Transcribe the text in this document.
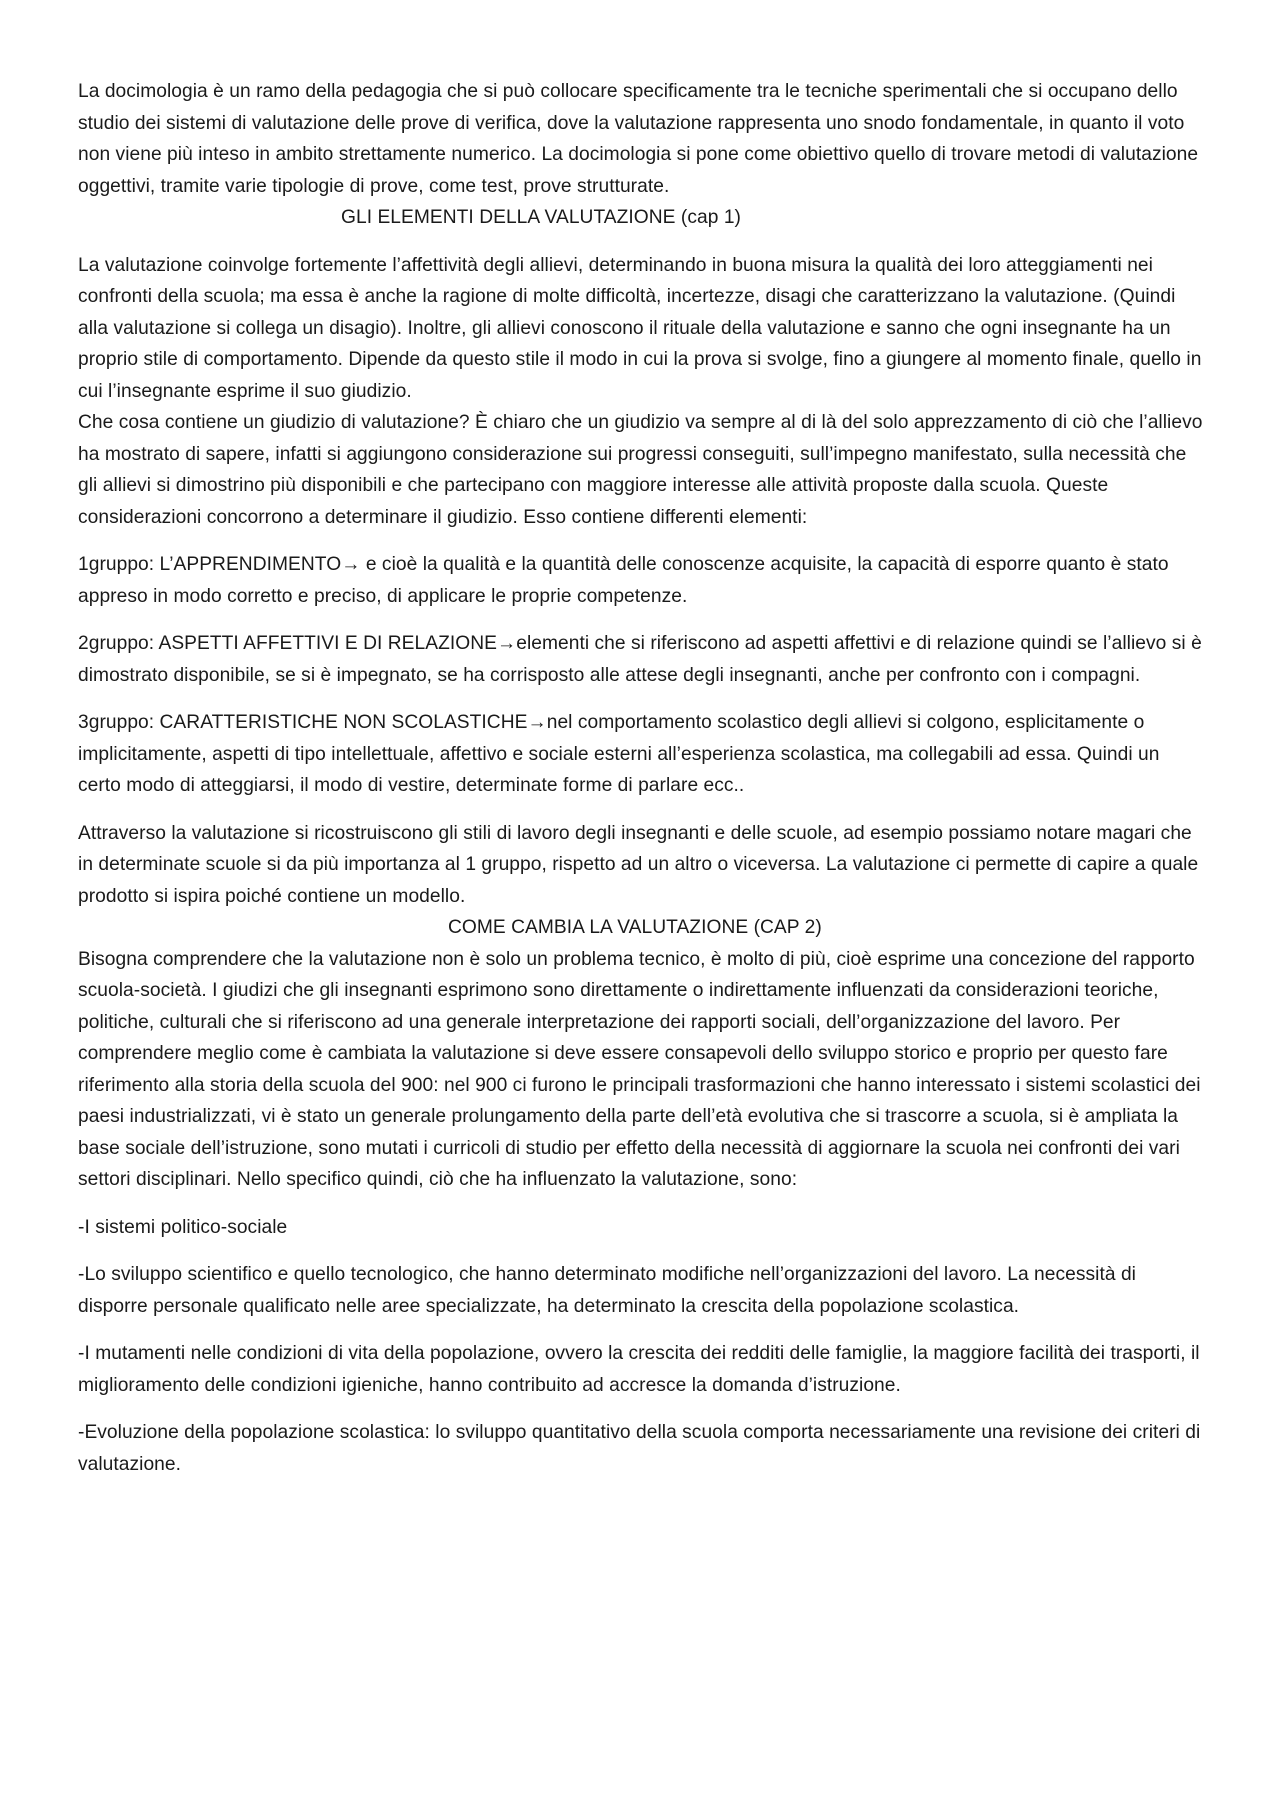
La docimologia è un ramo della pedagogia che si può collocare specificamente tra le tecniche sperimentali che si occupano dello studio dei sistemi di valutazione delle prove di verifica, dove la valutazione rappresenta uno snodo fondamentale, in quanto il voto non viene più inteso in ambito strettamente numerico. La docimologia si pone come obiettivo quello di trovare metodi di valutazione oggettivi, tramite varie tipologie di prove, come test, prove strutturate.

GLI ELEMENTI DELLA VALUTAZIONE (cap 1)

La valutazione coinvolge fortemente l’affettività degli allievi, determinando in buona misura la qualità dei loro atteggiamenti nei confronti della scuola; ma essa è anche la ragione di molte difficoltà, incertezze, disagi che caratterizzano la valutazione. (Quindi alla valutazione si collega un disagio). Inoltre, gli allievi conoscono il rituale della valutazione e sanno che ogni insegnante ha un proprio stile di comportamento. Dipende da questo stile il modo in cui la prova si svolge, fino a giungere al momento finale, quello in cui l’insegnante esprime il suo giudizio.

Che cosa contiene un giudizio di valutazione? È chiaro che un giudizio va sempre al di là del solo apprezzamento di ciò che l’allievo ha mostrato di sapere, infatti si aggiungono considerazione sui progressi conseguiti, sull’impegno manifestato, sulla necessità che gli allievi si dimostrino più disponibili e che partecipano con maggiore interesse alle attività proposte dalla scuola. Queste considerazioni concorrono a determinare il giudizio. Esso contiene differenti elementi:

1gruppo: L’APPRENDIMENTO→ e cioè la qualità e la quantità delle conoscenze acquisite, la capacità di esporre quanto è stato appreso in modo corretto e preciso, di applicare le proprie competenze.

2gruppo: ASPETTI AFFETTIVI E DI RELAZIONE→elementi che si riferiscono ad aspetti affettivi e di relazione quindi se l’allievo si è dimostrato disponibile, se si è impegnato, se ha corrisposto alle attese degli insegnanti, anche per confronto con i compagni.

3gruppo: CARATTERISTICHE NON SCOLASTICHE→nel comportamento scolastico degli allievi si colgono, esplicitamente o implicitamente, aspetti di tipo intellettuale, affettivo e sociale esterni all’esperienza scolastica, ma collegabili ad essa. Quindi un certo modo di atteggiarsi, il modo di vestire, determinate forme di parlare ecc..

Attraverso la valutazione si ricostruiscono gli stili di lavoro degli insegnanti e delle scuole, ad esempio possiamo notare magari che in determinate scuole si da più importanza al 1 gruppo, rispetto ad un altro o viceversa. La valutazione ci permette di capire a quale prodotto si ispira poiché contiene un modello.

COME CAMBIA LA VALUTAZIONE (CAP 2)

Bisogna comprendere che la valutazione non è solo un problema tecnico, è molto di più, cioè esprime una concezione del rapporto scuola-società. I giudizi che gli insegnanti esprimono sono direttamente o indirettamente influenzati da considerazioni teoriche, politiche, culturali che si riferiscono ad una generale interpretazione dei rapporti sociali, dell’organizzazione del lavoro. Per comprendere meglio come è cambiata la valutazione si deve essere consapevoli dello sviluppo storico e proprio per questo fare riferimento alla storia della scuola del 900: nel 900 ci furono le principali trasformazioni che hanno interessato i sistemi scolastici dei paesi industrializzati, vi è stato un generale prolungamento della parte dell’età evolutiva che si trascorre a scuola, si è ampliata la base sociale dell’istruzione, sono mutati i curricoli di studio per effetto della necessità di aggiornare la scuola nei confronti dei vari settori disciplinari. Nello specifico quindi, ciò che ha influenzato la valutazione, sono:

-I sistemi politico-sociale

-Lo sviluppo scientifico e quello tecnologico, che hanno determinato modifiche nell’organizzazioni del lavoro. La necessità di disporre personale qualificato nelle aree specializzate, ha determinato la crescita della popolazione scolastica.

-I mutamenti nelle condizioni di vita della popolazione, ovvero la crescita dei redditi delle famiglie, la maggiore facilità dei trasporti, il miglioramento delle condizioni igieniche, hanno contribuito ad accresce la domanda d’istruzione.

-Evoluzione della popolazione scolastica: lo sviluppo quantitativo della scuola comporta necessariamente una revisione dei criteri di valutazione.
